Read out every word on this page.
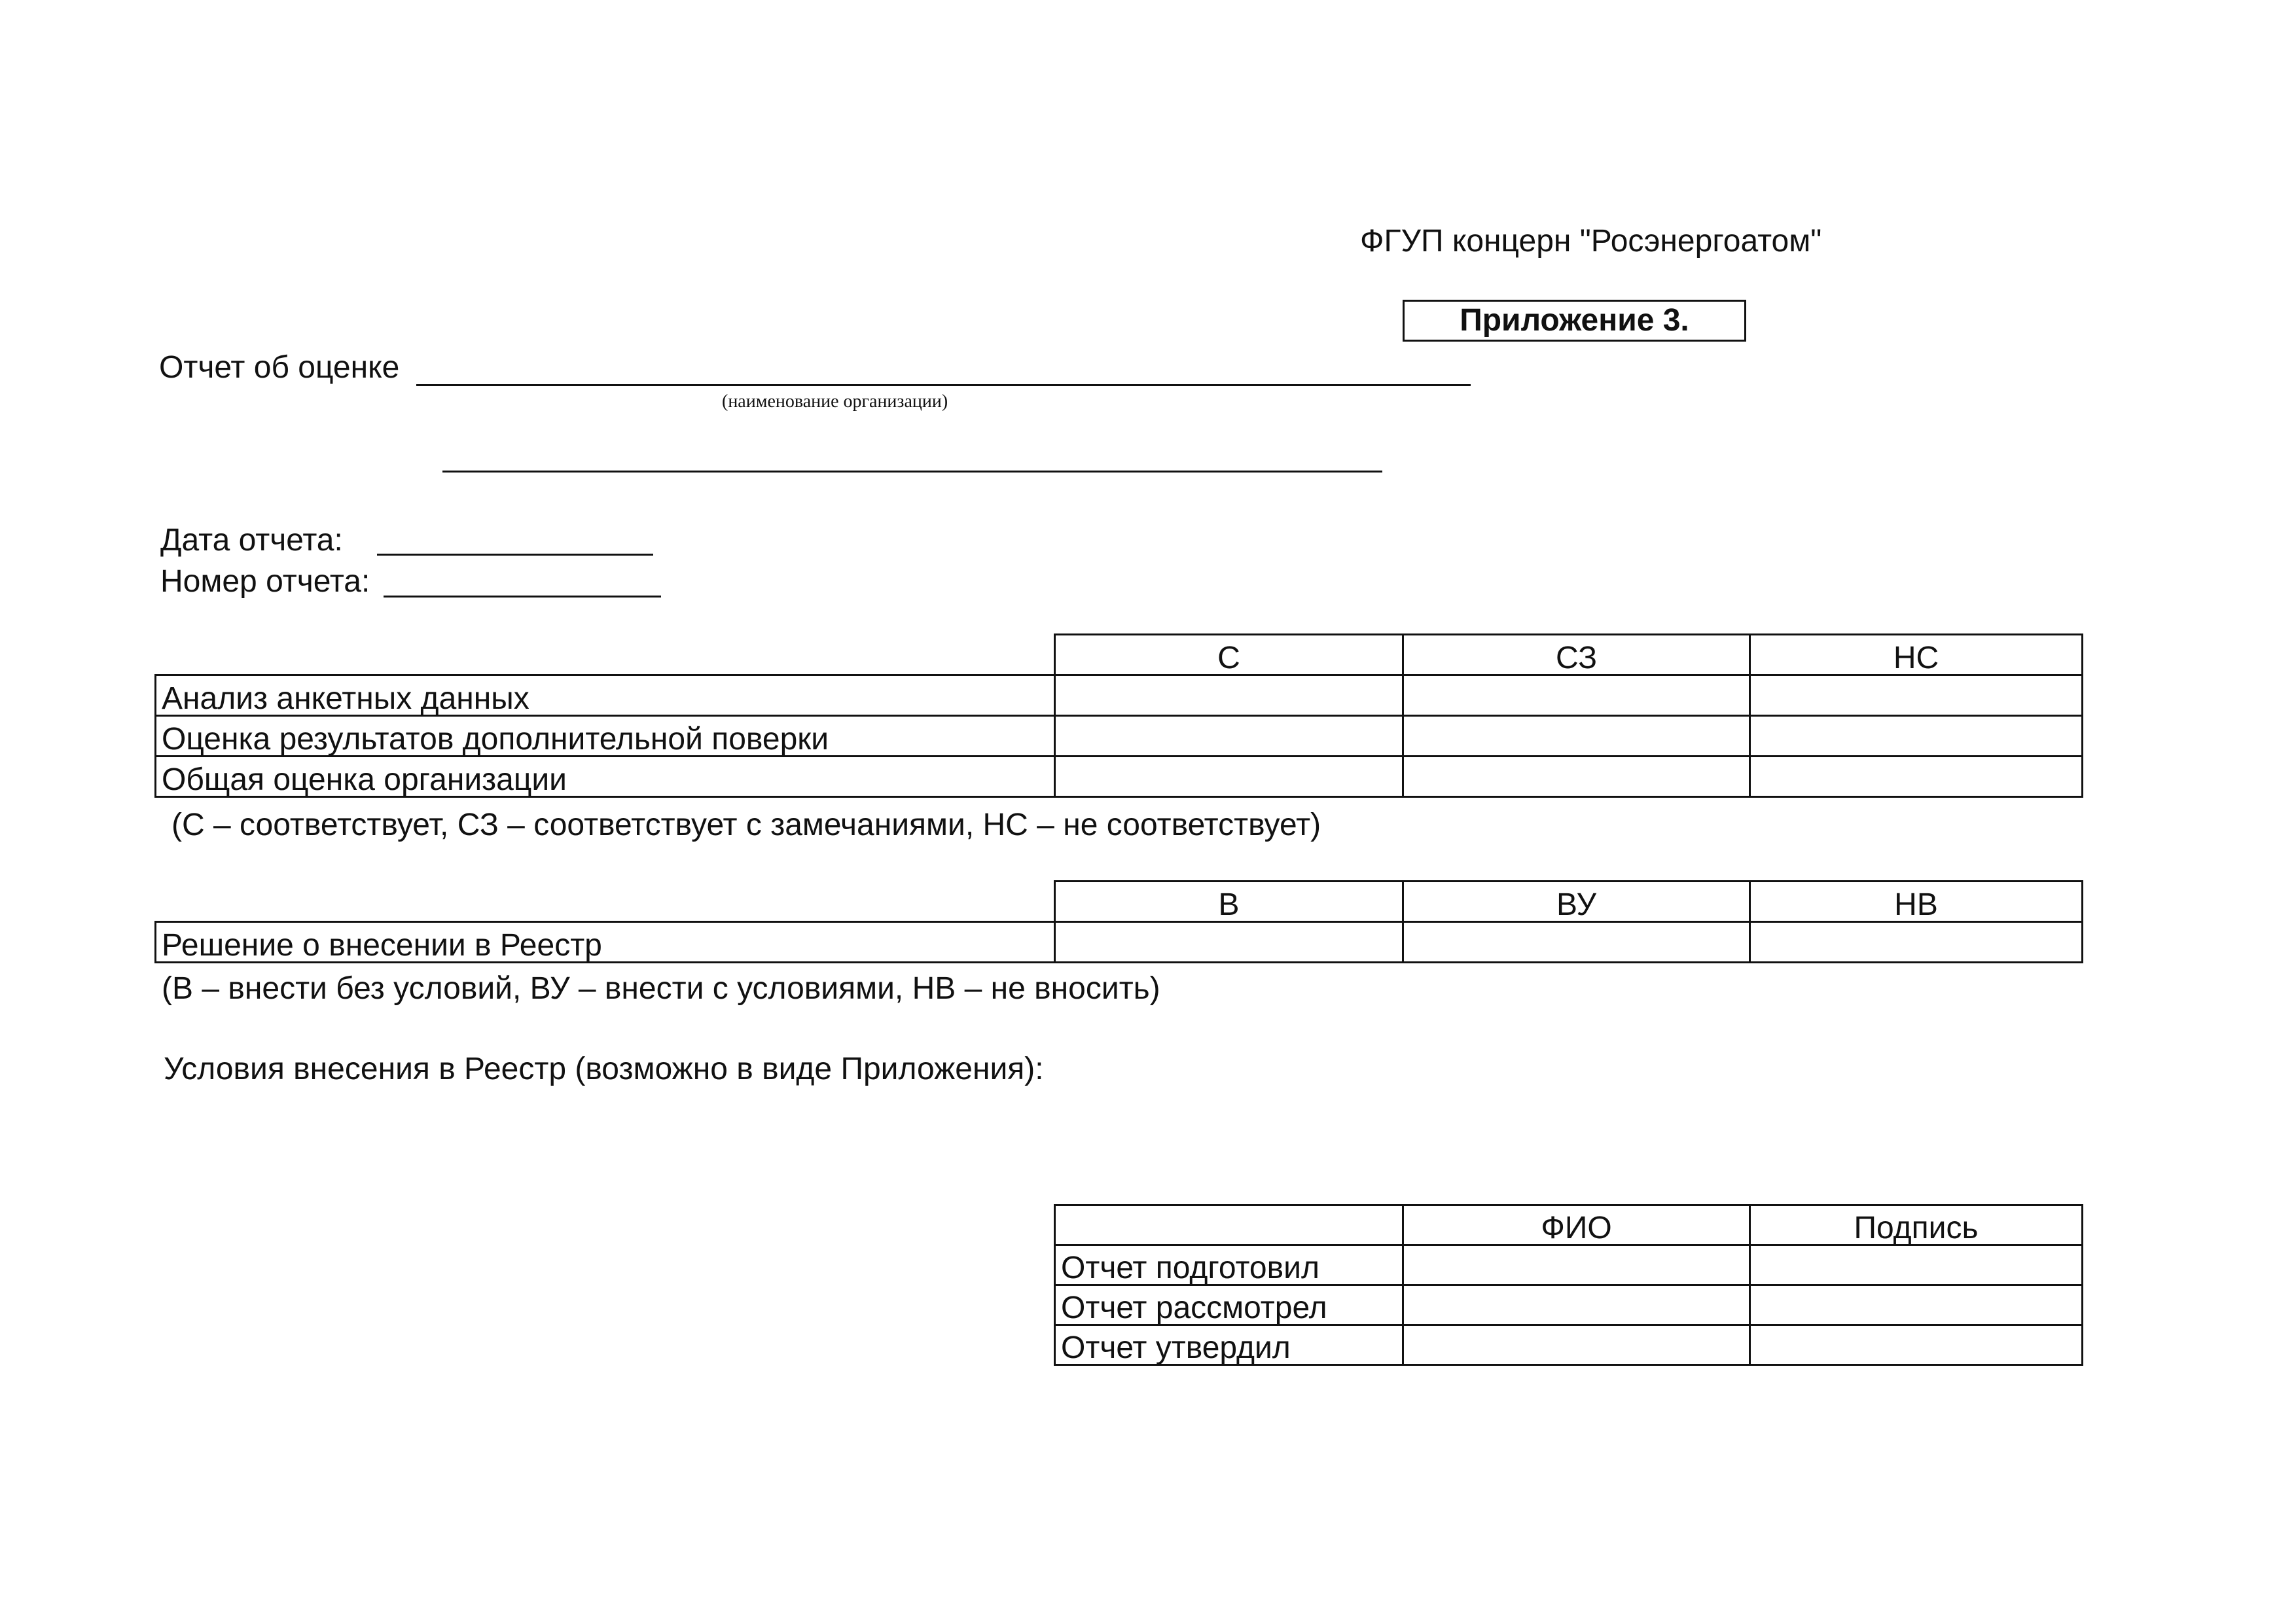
ФГУП концерн "Росэнергоатом"
Приложение 3.
Отчет об оценке
(наименование организации)
Дата отчета:
Номер отчета:
	С	СЗ	НС
Анализ анкетных данных			
Оценка результатов дополнительной поверки			
Общая оценка организации			
(С – соответствует, СЗ – соответствует с замечаниями, НС – не соответствует)
	В	ВУ	НВ
Решение о внесении в Реестр			
(В – внести без условий, ВУ – внести с условиями, НВ – не вносить)
Условия внесения в Реестр (возможно в виде Приложения):
	ФИО	Подпись
Отчет подготовил		
Отчет рассмотрел		
Отчет утвердил		
